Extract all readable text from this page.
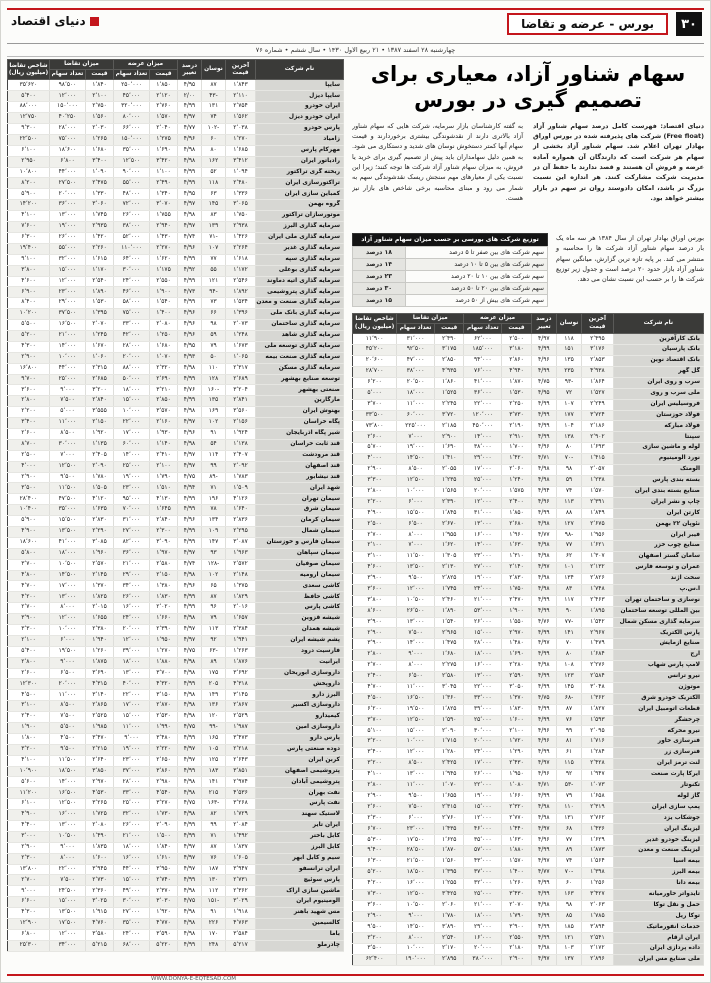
۳۰
بورس - عرضه و تقاضا
دنیای اقتصاد
چهارشنبه ۲۸ اسفند ۱۳۸۷ • ۲۱ ربیع الاول ۱۴۳۰ • سال ششم • شماره ۷۶
سهام شناور آزاد، معیاری برای
تصمیم گیری در بورس

دنیای اقتصاد: فهرست کامل درصد سهام شناور آزاد (Free float) شرکت های پذیرفته شده در بورس اوراق بهادار تهران اعلام شد. سهام شناور آزاد بخشی از سهام هر شرکت است که دارندگان آن همواره آماده عرضه و فروش آن هستند و قصد ندارند با حفظ آن در مدیریت شرکت مشارکت کنند. هر اندازه این نسبت بزرگ تر باشد، امکان دادوستد روان تر سهم در بازار بیشتر خواهد بود.

به گفته کارشناسان بازار سرمایه، شرکت هایی که سهام شناور آزاد بالاتری دارند از نقدشوندگی بیشتری برخوردارند و قیمت سهام آنها کمتر دستخوش نوسان های شدید و دستکاری می شود. به همین دلیل سهامداران باید پیش از تصمیم گیری برای خرید یا فروش، به میزان سهام شناور آزاد شرکت ها توجه کنند؛ زیرا این نسبت یکی از معیارهای مهم سنجش ریسک نقدشوندگی سهم به شمار می رود و مبنای محاسبه برخی شاخص های بازار نیز هست.

بورس اوراق بهادار تهران از سال ۱۳۸۴ هر سه ماه یک بار درصد سهام شناور آزاد شرکت ها را محاسبه و منتشر می کند. بر پایه تازه ترین گزارش، میانگین سهام شناور آزاد بازار حدود ۲۰ درصد است و جدول زیر توزیع شرکت ها را بر حسب این نسبت نشان می دهد.

توزیع شرکت های بورسی بر حسب میزان سهام شناور آزاد	
سهم شرکت های بین صفر تا ۵ درصد	۱۸ درصد
سهم شرکت های بین ۵ تا ۱۰ درصد	۱۴ درصد
سهم شرکت های بین ۱۰ تا ۲۰ درصد	۲۳ درصد
سهم شرکت های بین ۲۰ تا ۵۰ درصد	۳۰ درصد
سهم شرکت های بیش از ۵۰ درصد	۱۵ درصد
نام شرکت	آخرین قیمت	نوسان	درصد تغییر	میزان عرضه		میزان تقاضا		شاخص تقاضا (میلیون ریال)
				قیمت	تعداد سهام	قیمت	تعداد سهام	
بانک کارآفرین	۲٬۴۹۵	۱۱۸	۴/۹۷	۲٬۵۰۰	۶۲٬۰۰۰	۲٬۴۹۰	۳۱٬۰۰۰	۱۱٬۹۰۰
بانک پارسیان	۳٬۱۷۶	۱۵۱	۴/۹۹	۳٬۱۸۰	۱۸۵٬۰۰۰	۳٬۱۷۵	۹۲٬۵۰۰	۴۵٬۲۰۰
بانک اقتصاد نوین	۲٬۸۵۳	۱۳۵	۴/۹۶	۲٬۸۶۰	۹۴٬۰۰۰	۲٬۸۵۰	۴۷٬۰۰۰	۲۰٬۶۰۰
گل گهر	۴٬۹۳۸	۲۳۵	۴/۹۹	۴٬۹۴۰	۷۶٬۰۰۰	۴٬۹۳۵	۳۸٬۰۰۰	۲۸٬۷۰۰
سرب و روی ایران	۱٬۸۶۴	-۹۳	۴/۷۵	۱٬۸۷۰	۴۱٬۰۰۰	۱٬۸۶۰	۲۰٬۵۰۰	۶٬۲۰۰
ملی سرب و روی	۱٬۵۲۷	۷۲	۴/۹۵	۱٬۵۳۰	۳۶٬۰۰۰	۱٬۵۲۵	۱۸٬۰۰۰	۵٬۰۰۰
فروسیلیس ایران	۲٬۲۴۹	۱۰۷	۴/۹۹	۲٬۲۵۰	۲۲٬۰۰۰	۲٬۲۴۵	۱۱٬۰۰۰	۳٬۷۰۰
فولاد خوزستان	۳٬۷۲۴	۱۷۷	۴/۹۹	۳٬۷۳۰	۱۲۰٬۰۰۰	۳٬۷۲۰	۶۰٬۰۰۰	۳۳٬۵۰۰
فولاد مبارکه	۲٬۱۸۶	۱۰۴	۴/۹۹	۲٬۱۹۰	۴۵۰٬۰۰۰	۲٬۱۸۵	۲۲۵٬۰۰۰	۷۳٬۸۰۰
سپنتا	۲٬۹۰۲	۱۳۸	۴/۹۹	۲٬۹۱۰	۱۴٬۰۰۰	۲٬۹۰۰	۷٬۰۰۰	۲٬۶۰۰
لوله و ماشین سازی	۱٬۶۹۳	۸۰	۴/۹۶	۱٬۷۰۰	۳۸٬۰۰۰	۱٬۶۹۰	۱۹٬۰۰۰	۵٬۷۰۰
نورد آلومینیوم	۱٬۴۱۵	-۷۰	۴/۷۱	۱٬۴۲۰	۲۹٬۰۰۰	۱٬۴۱۰	۱۴٬۵۰۰	۴٬۰۰۰
آلومتک	۲٬۰۵۷	۹۸	۴/۹۸	۲٬۰۶۰	۱۷٬۰۰۰	۲٬۰۵۵	۸٬۵۰۰	۲٬۹۰۰
بسته بندی پارس	۱٬۲۳۸	۵۹	۴/۹۸	۱٬۲۴۰	۲۵٬۰۰۰	۱٬۲۳۵	۱۲٬۵۰۰	۳٬۳۰۰
صنایع بسته بندی ایران	۱٬۵۷۰	۷۴	۴/۹۴	۱٬۵۷۵	۲۰٬۰۰۰	۱٬۵۶۵	۱۰٬۰۰۰	۲٬۸۰۰
چاپ و نشر ایران	۲٬۳۹۱	۱۱۳	۴/۹۶	۲٬۴۰۰	۱۲٬۰۰۰	۲٬۳۹۰	۶٬۰۰۰	۲٬۲۰۰
کارتن ایران	۱٬۸۴۹	۸۸	۴/۹۹	۱٬۸۵۰	۳۱٬۰۰۰	۱٬۸۴۵	۱۵٬۵۰۰	۴٬۹۰۰
نئوپان ۲۲ بهمن	۲٬۶۷۵	۱۲۷	۴/۹۸	۲٬۶۸۰	۱۳٬۰۰۰	۲٬۶۷۰	۶٬۵۰۰	۲٬۵۰۰
فیبر ایران	۱٬۹۵۶	-۹۸	۴/۷۷	۱٬۹۶۰	۱۶٬۰۰۰	۱٬۹۵۵	۸٬۰۰۰	۲٬۷۰۰
صنایع چوب خزر	۱٬۶۲۱	۷۷	۴/۹۸	۱٬۶۳۰	۱۴٬۰۰۰	۱٬۶۲۰	۷٬۰۰۰	۲٬۱۰۰
سامان گستر اصفهان	۱٬۳۰۷	۶۲	۴/۹۸	۱٬۳۱۰	۲۳٬۰۰۰	۱٬۳۰۵	۱۱٬۵۰۰	۳٬۱۰۰
عمران و توسعه فارس	۲٬۱۳۲	۱۰۱	۴/۹۷	۲٬۱۴۰	۲۷٬۰۰۰	۲٬۱۳۰	۱۳٬۵۰۰	۴٬۶۰۰
سخت آژند	۲٬۸۲۶	۱۳۴	۴/۹۸	۲٬۸۳۰	۱۹٬۰۰۰	۲٬۸۲۵	۹٬۵۰۰	۳٬۹۰۰
آ.س.پ	۱٬۷۴۸	۸۳	۴/۹۸	۱٬۷۵۰	۲۴٬۰۰۰	۱٬۷۴۵	۱۲٬۰۰۰	۳٬۶۰۰
نوسازی و ساختمان تهران	۲٬۴۶۳	۱۱۷	۴/۹۹	۲٬۴۷۰	۲۱٬۰۰۰	۲٬۴۶۰	۱۰٬۵۰۰	۳٬۸۰۰
بین المللی توسعه ساختمان	۱٬۸۹۵	۹۰	۴/۹۹	۱٬۹۰۰	۵۳٬۰۰۰	۱٬۸۹۰	۲۶٬۵۰۰	۸٬۶۰۰
سرمایه گذاری مسکن شمال	۱٬۵۴۲	-۷۷	۴/۷۶	۱٬۵۵۰	۲۶٬۰۰۰	۱٬۵۴۰	۱۳٬۰۰۰	۳٬۹۰۰
پارس الکتریک	۲٬۹۶۷	۱۴۱	۴/۹۹	۲٬۹۷۰	۱۵٬۰۰۰	۲٬۹۶۵	۷٬۵۰۰	۲٬۹۰۰
صنایع آزمایش	۱٬۴۷۹	۷۰	۴/۹۷	۱٬۴۸۰	۲۸٬۰۰۰	۱٬۴۷۵	۱۴٬۰۰۰	۳٬۹۰۰
ارج	۱٬۶۸۴	۸۰	۴/۹۹	۱٬۶۹۰	۱۸٬۰۰۰	۱٬۶۸۰	۹٬۰۰۰	۲٬۸۰۰
لامپ پارس شهاب	۲٬۲۷۶	۱۰۸	۴/۹۸	۲٬۲۸۰	۱۶٬۰۰۰	۲٬۲۷۵	۸٬۰۰۰	۲٬۷۰۰
نیرو ترانس	۲٬۵۸۴	۱۲۳	۴/۹۹	۲٬۵۹۰	۱۳٬۰۰۰	۲٬۵۸۰	۶٬۵۰۰	۲٬۴۰۰
موتوژن	۳٬۰۴۸	۱۴۵	۴/۹۹	۳٬۰۵۰	۲۲٬۰۰۰	۳٬۰۴۵	۱۱٬۰۰۰	۴٬۷۰۰
الکتریک خودرو شرق	۱٬۳۶۲	-۶۸	۴/۷۵	۱٬۳۷۰	۳۳٬۰۰۰	۱٬۳۶۰	۱۶٬۵۰۰	۴٬۵۰۰
قطعات اتومبیل ایران	۱٬۸۲۷	۸۷	۴/۹۹	۱٬۸۳۰	۳۹٬۰۰۰	۱٬۸۲۵	۱۹٬۵۰۰	۶٬۲۰۰
چرخشگر	۱٬۵۹۳	۷۶	۴/۹۹	۱٬۶۰۰	۲۵٬۰۰۰	۱٬۵۹۰	۱۲٬۵۰۰	۳٬۷۰۰
نیرو محرکه	۲٬۰۹۵	۹۹	۴/۹۶	۲٬۱۰۰	۳۰٬۰۰۰	۲٬۰۹۰	۱۵٬۰۰۰	۵٬۱۰۰
فنرسازی خاور	۱٬۷۱۶	۸۱	۴/۹۶	۱٬۷۲۰	۲۰٬۰۰۰	۱٬۷۱۵	۱۰٬۰۰۰	۳٬۲۰۰
فنرسازی زر	۱٬۲۸۴	۶۱	۴/۹۹	۱٬۲۹۰	۲۴٬۰۰۰	۱٬۲۸۰	۱۲٬۰۰۰	۳٬۴۰۰
لنت ترمز ایران	۲٬۴۲۸	۱۱۵	۴/۹۷	۲٬۴۳۰	۱۷٬۰۰۰	۲٬۴۲۵	۸٬۵۰۰	۳٬۲۰۰
ایرکا پارت صنعت	۱٬۹۴۷	۹۲	۴/۹۶	۱٬۹۵۰	۲۶٬۰۰۰	۱٬۹۴۵	۱۳٬۰۰۰	۴٬۱۰۰
تکنوتار	۱٬۰۷۳	-۵۳	۴/۷۱	۱٬۰۸۰	۲۲٬۰۰۰	۱٬۰۷۰	۱۱٬۰۰۰	۲٬۸۰۰
گاز لوله	۱٬۶۵۸	۷۹	۴/۹۹	۱٬۶۶۰	۱۹٬۰۰۰	۱٬۶۵۵	۹٬۵۰۰	۲٬۹۰۰
پمپ سازی ایران	۲٬۳۱۹	۱۱۰	۴/۹۸	۲٬۳۲۰	۱۵٬۰۰۰	۲٬۳۱۵	۷٬۵۰۰	۲٬۶۰۰
جوشکاب یزد	۲٬۷۶۲	۱۳۱	۴/۹۸	۲٬۷۷۰	۱۲٬۰۰۰	۲٬۷۶۰	۶٬۰۰۰	۲٬۳۰۰
لیزینگ ایران	۱٬۴۳۶	۶۸	۴/۹۷	۱٬۴۴۰	۴۶٬۰۰۰	۱٬۴۳۵	۲۳٬۰۰۰	۶٬۷۰۰
لیزینگ خودرو غدیر	۱٬۶۲۹	۷۷	۴/۹۶	۱٬۶۳۰	۳۵٬۰۰۰	۱٬۶۲۵	۱۷٬۵۰۰	۵٬۳۰۰
لیزینگ صنعت و معدن	۱٬۸۷۳	۸۹	۴/۹۹	۱٬۸۸۰	۵۷٬۰۰۰	۱٬۸۷۰	۲۸٬۵۰۰	۹٬۴۰۰
بیمه آسیا	۱٬۵۶۴	۷۴	۴/۹۷	۱٬۵۷۰	۴۳٬۰۰۰	۱٬۵۶۰	۲۱٬۵۰۰	۶٬۳۰۰
بیمه البرز	۱٬۳۹۸	-۷۰	۴/۷۷	۱٬۴۰۰	۳۷٬۰۰۰	۱٬۳۹۵	۱۸٬۵۰۰	۵٬۲۰۰
بیمه دانا	۱٬۲۵۶	۶۰	۴/۹۹	۱٬۲۶۰	۳۲٬۰۰۰	۱٬۲۵۵	۱۶٬۰۰۰	۴٬۲۰۰
تایدواتر خاورمیانه	۳٬۴۲۷	۱۶۳	۴/۹۹	۳٬۴۳۰	۲۵٬۰۰۰	۳٬۴۲۵	۱۲٬۵۰۰	۷٬۳۰۰
حمل و نقل توکا	۲٬۰۶۳	۹۸	۴/۹۸	۲٬۰۷۰	۲۱٬۰۰۰	۲٬۰۶۰	۱۰٬۵۰۰	۳٬۶۰۰
توکا ریل	۱٬۷۸۵	۸۵	۴/۹۹	۱٬۷۹۰	۱۸٬۰۰۰	۱٬۷۸۰	۹٬۰۰۰	۲٬۹۰۰
خدمات انفورماتیک	۳٬۸۹۴	۱۸۵	۴/۹۹	۳٬۹۰۰	۲۹٬۰۰۰	۳٬۸۹۰	۱۴٬۵۰۰	۹٬۵۰۰
ایران ارقام	۲٬۵۴۱	۱۲۱	۴/۹۹	۲٬۵۵۰	۱۶٬۰۰۰	۲٬۵۴۰	۸٬۰۰۰	۳٬۲۰۰
داده پردازی ایران	۲٬۱۷۲	۱۰۳	۴/۹۸	۲٬۱۸۰	۲۰٬۰۰۰	۲٬۱۷۰	۱۰٬۰۰۰	۳٬۵۰۰
ملی صنایع مس ایران	۲٬۸۹۶	۱۳۷	۴/۹۷	۲٬۹۰۰	۳۸۰٬۰۰۰	۲٬۸۹۵	۱۹۰٬۰۰۰	۶۲٬۴۰۰
نام شرکت	آخرین قیمت	نوسان	درصد تغییر	میزان عرضه		میزان تقاضا		شاخص تقاضا (میلیون ریال)
				قیمت	تعداد سهام	قیمت	تعداد سهام	
سایپا	۱٬۸۴۳	۸۷	۴/۹۵	۱٬۸۵۰	۲۵۰٬۰۰۰	۱٬۸۴۰	۹۸٬۵۰۰	۳۵٬۶۲۰
سایپا دیزل	۲٬۱۱۰	-۴۳	۲/۰۰	۲٬۱۲۰	۴۵٬۰۰۰	۲٬۱۰۰	۱۲٬۰۰۰	۵٬۴۰۰
ایران خودرو	۲٬۷۵۴	۱۳۱	۴/۹۹	۲٬۷۶۰	۳۲۰٬۰۰۰	۲٬۷۵۰	۱۵۰٬۰۰۰	۸۸٬۰۰۰
ایران خودرو دیزل	۱٬۵۶۲	۷۴	۴/۹۷	۱٬۵۷۰	۸۰٬۰۰۰	۱٬۵۶۰	۴۰٬۲۵۰	۱۲٬۷۵۰
پارس خودرو	۲٬۰۳۸	-۱۰۲	۴/۷۷	۲٬۰۴۰	۶۶٬۰۰۰	۲٬۰۳۰	۲۸٬۰۰۰	۹٬۳۰۰
زامیاد	۱٬۲۷۰	۶۰	۴/۹۶	۱٬۲۷۵	۱۵۰٬۰۰۰	۱٬۲۶۵	۷۵٬۰۰۰	۲۲٬۵۰۰
مهرکام پارس	۱٬۶۸۵	۸۰	۴/۹۸	۱٬۶۹۰	۳۵٬۰۰۰	۱٬۶۸۰	۱۸٬۶۰۰	۶٬۱۰۰
رادیاتور ایران	۳٬۴۱۲	۱۶۲	۴/۹۸	۳٬۴۲۰	۱۲٬۵۰۰	۳٬۴۰۰	۶٬۸۰۰	۲٬۹۵۰
ریخته گری تراکتور	۱٬۰۹۴	۵۲	۴/۹۹	۱٬۱۰۰	۹۰٬۰۰۰	۱٬۰۹۰	۴۴٬۰۰۰	۱۰٬۸۰۰
تراکتورسازی ایران	۲٬۴۸۰	۱۱۸	۴/۹۹	۲٬۴۹۰	۵۵٬۰۰۰	۲٬۴۷۵	۲۷٬۵۰۰	۸٬۲۰۰
کمباین سازی ایران	۱٬۳۳۶	۶۳	۴/۹۵	۱٬۳۴۰	۴۸٬۰۰۰	۱٬۳۳۰	۲۰٬۰۰۰	۵٬۹۰۰
گروه بهمن	۳٬۰۶۵	۱۴۵	۴/۹۷	۳٬۰۷۰	۷۲٬۰۰۰	۳٬۰۶۰	۳۶٬۰۰۰	۱۴٬۲۰۰
موتورسازان تراکتور	۱٬۷۵۰	۸۳	۴/۹۸	۱٬۷۵۵	۲۶٬۰۰۰	۱٬۷۴۵	۱۳٬۰۰۰	۴٬۱۰۰
سرمایه گذاری البرز	۲٬۹۳۸	۱۳۹	۴/۹۷	۲٬۹۴۰	۳۸٬۰۰۰	۲٬۹۳۵	۱۹٬۰۰۰	۷٬۶۰۰
سرمایه گذاری ملی ایران	۱٬۴۲۶	-۷۱	۴/۷۴	۱٬۴۳۰	۵۲٬۰۰۰	۱٬۴۲۰	۲۶٬۰۰۰	۶٬۳۰۰
سرمایه گذاری غدیر	۲٬۲۶۴	۱۰۷	۴/۹۶	۲٬۲۷۰	۱۱۰٬۰۰۰	۲٬۲۶۰	۵۵٬۰۰۰	۱۹٬۴۰۰
سرمایه گذاری سپه	۱٬۶۱۸	۷۷	۴/۹۹	۱٬۶۲۰	۶۴٬۰۰۰	۱٬۶۱۵	۳۲٬۰۰۰	۹٬۱۰۰
سرمایه گذاری بوعلی	۱٬۱۷۲	۵۵	۴/۹۲	۱٬۱۷۵	۳۰٬۰۰۰	۱٬۱۷۰	۱۵٬۰۰۰	۳٬۸۰۰
سرمایه گذاری آتیه دماوند	۲٬۵۴۶	۱۲۱	۴/۹۹	۲٬۵۵۰	۲۴٬۰۰۰	۲٬۵۴۰	۱۲٬۰۰۰	۴٬۶۰۰
سرمایه گذاری پتروشیمی	۱٬۸۹۲	-۹۴	۴/۷۳	۱٬۹۰۰	۴۶٬۰۰۰	۱٬۸۹۰	۲۳٬۰۰۰	۶٬۹۰۰
سرمایه گذاری صنعت و معدن	۱٬۵۳۴	۷۳	۴/۹۹	۱٬۵۴۰	۵۸٬۰۰۰	۱٬۵۳۰	۲۹٬۰۰۰	۸٬۴۰۰
سرمایه گذاری بانک ملی	۱٬۳۹۶	۶۶	۴/۹۶	۱٬۴۰۰	۷۵٬۰۰۰	۱٬۳۹۵	۳۷٬۵۰۰	۱۰٬۲۰۰
سرمایه گذاری ساختمان	۲٬۰۷۳	۹۸	۴/۹۶	۲٬۰۸۰	۳۳٬۰۰۰	۲٬۰۷۰	۱۶٬۵۰۰	۵٬۵۰۰
سرمایه گذاری شاهد	۱٬۲۴۸	۵۹	۴/۹۶	۱٬۲۵۰	۴۲٬۰۰۰	۱٬۲۴۵	۲۱٬۰۰۰	۵٬۲۰۰
سرمایه گذاری توسعه ملی	۱٬۶۷۳	۷۹	۴/۹۵	۱٬۶۸۰	۲۸٬۰۰۰	۱٬۶۷۰	۱۴٬۰۰۰	۴٬۳۰۰
سرمایه گذاری صنعت بیمه	۱٬۰۶۵	۵۰	۴/۹۳	۱٬۰۷۰	۲۰٬۰۰۰	۱٬۰۶۰	۱۰٬۰۰۰	۲٬۹۰۰
سرمایه گذاری مسکن	۲٬۳۱۷	۱۱۰	۴/۹۸	۲٬۳۲۰	۸۸٬۰۰۰	۲٬۳۱۵	۴۴٬۰۰۰	۱۶٬۸۰۰
توسعه صنایع بهشهر	۲٬۶۸۹	۱۲۸	۴/۹۹	۲٬۶۹۰	۵۰٬۰۰۰	۲٬۶۸۵	۲۵٬۰۰۰	۹٬۷۰۰
صنعتی بهشهر	۳٬۲۰۴	-۱۶۰	۴/۷۶	۳٬۲۱۰	۱۸٬۰۰۰	۳٬۲۰۰	۹٬۰۰۰	۳٬۶۰۰
مارگارین	۲٬۸۴۱	۱۳۵	۴/۹۹	۲٬۸۵۰	۱۵٬۰۰۰	۲٬۸۴۰	۷٬۵۰۰	۲٬۸۰۰
بهنوش ایران	۳٬۵۶۰	۱۶۹	۴/۹۸	۳٬۵۷۰	۱۰٬۰۰۰	۳٬۵۵۵	۵٬۰۰۰	۲٬۲۰۰
پگاه خراسان	۲٬۱۵۶	۱۰۲	۴/۹۷	۲٬۱۶۰	۲۲٬۰۰۰	۲٬۱۵۰	۱۱٬۰۰۰	۳٬۴۰۰
شیر پگاه آذربایجان	۱٬۹۲۴	۹۱	۴/۹۶	۱٬۹۳۰	۱۷٬۰۰۰	۱٬۹۲۰	۸٬۵۰۰	۲٬۶۰۰
قند ثابت خراسان	۱٬۱۳۸	۵۴	۴/۹۸	۱٬۱۴۰	۶۰٬۰۰۰	۱٬۱۳۵	۳۰٬۰۰۰	۸٬۷۰۰
قند مرودشت	۲٬۴۰۷	۱۱۴	۴/۹۷	۲٬۴۱۰	۱۴٬۰۰۰	۲٬۴۰۵	۷٬۰۰۰	۲٬۵۰۰
قند اصفهان	۲٬۰۹۲	۹۹	۴/۹۷	۲٬۱۰۰	۲۵٬۰۰۰	۲٬۰۹۰	۱۲٬۵۰۰	۴٬۰۰۰
قند نیشابور	۱٬۷۸۳	-۸۹	۴/۷۵	۱٬۷۹۰	۱۹٬۰۰۰	۱٬۷۸۰	۹٬۵۰۰	۲٬۹۰۰
شهد ایران	۱٬۵۰۹	۷۱	۴/۹۴	۱٬۵۱۰	۲۳٬۰۰۰	۱٬۵۰۵	۱۱٬۵۰۰	۳٬۵۰۰
سیمان تهران	۴٬۱۲۶	۱۹۶	۴/۹۹	۴٬۱۳۰	۹۵٬۰۰۰	۴٬۱۲۰	۴۷٬۵۰۰	۲۸٬۴۰۰
سیمان شرق	۱٬۶۴۰	۷۸	۴/۹۹	۱٬۶۴۵	۷۰٬۰۰۰	۱٬۶۳۵	۳۵٬۰۰۰	۱۰٬۴۰۰
سیمان کرمان	۲٬۸۳۶	۱۳۴	۴/۹۶	۲٬۸۴۰	۳۱٬۰۰۰	۲٬۸۳۰	۱۵٬۵۰۰	۵٬۹۰۰
سیمان شمال	۲٬۲۹۵	۱۰۹	۴/۹۹	۲٬۳۰۰	۲۷٬۰۰۰	۲٬۲۹۰	۱۳٬۵۰۰	۴٬۹۰۰
سیمان فارس و خوزستان	۳٬۰۸۷	۱۴۷	۴/۹۹	۳٬۰۹۰	۸۲٬۰۰۰	۳٬۰۸۵	۴۱٬۰۰۰	۱۸٬۶۰۰
سیمان سپاهان	۱٬۹۶۳	۹۳	۴/۹۷	۱٬۹۷۰	۳۶٬۰۰۰	۱٬۹۶۰	۱۸٬۰۰۰	۵٬۸۰۰
سیمان صوفیان	۲٬۵۷۲	-۱۲۸	۴/۷۴	۲٬۵۸۰	۲۱٬۰۰۰	۲٬۵۷۰	۱۰٬۵۰۰	۳٬۷۰۰
سیمان ارومیه	۲٬۱۴۸	۱۰۲	۴/۹۸	۲٬۱۵۰	۲۹٬۰۰۰	۲٬۱۴۵	۱۴٬۵۰۰	۴٬۸۰۰
کاشی سعدی	۱٬۳۷۵	۶۵	۴/۹۶	۱٬۳۸۰	۳۴٬۰۰۰	۱٬۳۷۰	۱۷٬۰۰۰	۴٬۷۰۰
کاشی حافظ	۱٬۸۲۹	۸۷	۴/۹۹	۱٬۸۳۰	۲۶٬۰۰۰	۱٬۸۲۵	۱۳٬۰۰۰	۴٬۲۰۰
کاشی پارس	۲٬۰۱۶	۹۶	۴/۹۹	۲٬۰۲۰	۱۶٬۰۰۰	۲٬۰۱۵	۸٬۰۰۰	۲٬۷۰۰
شیشه قزوین	۱٬۶۵۷	۷۹	۴/۹۸	۱٬۶۶۰	۲۴٬۰۰۰	۱٬۶۵۵	۱۲٬۰۰۰	۳٬۹۰۰
شیشه همدان	۲٬۳۸۴	۱۱۳	۴/۹۷	۲٬۳۹۰	۲۰٬۰۰۰	۲٬۳۸۰	۱۰٬۰۰۰	۳٬۳۰۰
پشم شیشه ایران	۱٬۹۴۱	۹۲	۴/۹۷	۱٬۹۵۰	۱۲٬۰۰۰	۱٬۹۴۰	۶٬۰۰۰	۲٬۱۰۰
فارسیت درود	۱٬۲۶۳	-۶۳	۴/۷۵	۱٬۲۷۰	۳۹٬۰۰۰	۱٬۲۶۰	۱۹٬۵۰۰	۵٬۴۰۰
ایرانیت	۱٬۸۷۶	۸۹	۴/۹۸	۱٬۸۸۰	۱۸٬۰۰۰	۱٬۸۷۵	۹٬۰۰۰	۲٬۸۰۰
داروسازی ابوریحان	۳٬۶۹۲	۱۷۵	۴/۹۸	۳٬۷۰۰	۱۳٬۰۰۰	۳٬۶۹۰	۶٬۵۰۰	۲٬۶۰۰
داروپخش	۴٬۳۱۸	۲۰۵	۴/۹۹	۴٬۳۲۰	۴۰٬۰۰۰	۴٬۳۱۵	۲۰٬۰۰۰	۱۲٬۳۰۰
البرز دارو	۳٬۱۴۵	۱۴۹	۴/۹۸	۳٬۱۵۰	۲۲٬۰۰۰	۳٬۱۴۰	۱۱٬۰۰۰	۴٬۵۰۰
داروسازی اکسیر	۲٬۸۶۷	۱۳۶	۴/۹۸	۲٬۸۷۰	۱۷٬۰۰۰	۲٬۸۶۵	۸٬۵۰۰	۳٬۱۰۰
کیمیدارو	۲٬۵۲۹	۱۲۰	۴/۹۸	۲٬۵۳۰	۱۵٬۰۰۰	۲٬۵۲۵	۷٬۵۰۰	۲٬۴۰۰
داروسازی امین	۱٬۹۸۷	-۹۹	۴/۷۵	۱٬۹۹۰	۱۱٬۰۰۰	۱٬۹۸۵	۵٬۵۰۰	۱٬۹۰۰
پارس دارو	۳٬۴۷۳	۱۶۵	۴/۹۹	۳٬۴۸۰	۹٬۰۰۰	۳٬۴۷۰	۴٬۵۰۰	۱٬۸۰۰
دوده صنعتی پارس	۲٬۲۱۸	۱۰۵	۴/۹۷	۲٬۲۲۰	۱۹٬۰۰۰	۲٬۲۱۵	۹٬۵۰۰	۳٬۲۰۰
کربن ایران	۲٬۶۴۳	۱۲۵	۴/۹۷	۲٬۶۵۰	۲۳٬۰۰۰	۲٬۶۴۰	۱۱٬۵۰۰	۴٬۱۰۰
پتروشیمی اصفهان	۳٬۸۵۱	۱۸۳	۴/۹۹	۳٬۸۶۰	۳۷٬۰۰۰	۳٬۸۵۰	۱۸٬۵۰۰	۱۰٬۹۰۰
پتروشیمی آبادان	۲٬۹۷۴	۱۴۱	۴/۹۸	۲٬۹۸۰	۲۸٬۰۰۰	۲٬۹۷۰	۱۴٬۰۰۰	۵٬۶۰۰
نفت بهران	۴٬۵۳۶	۲۱۵	۴/۹۸	۴٬۵۴۰	۳۳٬۰۰۰	۴٬۵۳۰	۱۶٬۵۰۰	۱۱٬۲۰۰
نفت پارس	۳٬۲۶۸	-۱۶۳	۴/۷۵	۳٬۲۷۰	۲۵٬۰۰۰	۳٬۲۶۵	۱۲٬۵۰۰	۶٬۱۰۰
لاستیک سهند	۱٬۷۲۹	۸۲	۴/۹۸	۱٬۷۳۰	۳۲٬۰۰۰	۱٬۷۲۵	۱۶٬۰۰۰	۴٬۹۰۰
ایران تایر	۲٬۰۸۴	۹۹	۴/۹۹	۲٬۰۹۰	۲۶٬۰۰۰	۲٬۰۸۰	۱۳٬۰۰۰	۴٬۴۰۰
کابل باختر	۱٬۴۹۲	۷۱	۴/۹۹	۱٬۵۰۰	۲۱٬۰۰۰	۱٬۴۹۰	۱۰٬۵۰۰	۳٬۰۰۰
کابل البرز	۱٬۸۳۷	۸۷	۴/۹۷	۱٬۸۴۰	۱۸٬۰۰۰	۱٬۸۳۵	۹٬۰۰۰	۲٬۹۰۰
سیم و کابل ابهر	۱٬۶۰۵	۷۶	۴/۹۷	۱٬۶۱۰	۱۶٬۰۰۰	۱٬۶۰۰	۸٬۰۰۰	۲٬۳۰۰
ایران ترانسفو	۳٬۹۴۷	۱۸۷	۴/۹۷	۳٬۹۵۰	۴۴٬۰۰۰	۳٬۹۴۵	۲۲٬۰۰۰	۱۳٬۸۰۰
پارس سوئیچ	۲٬۷۳۱	۱۳۰	۴/۹۹	۲٬۷۴۰	۱۵٬۰۰۰	۲٬۷۳۰	۷٬۵۰۰	۲٬۷۰۰
ماشین سازی اراک	۲٬۳۶۲	۱۱۲	۴/۹۸	۲٬۳۷۰	۴۹٬۰۰۰	۲٬۳۶۰	۲۴٬۵۰۰	۹٬۰۰۰
آلومینیوم ایران	۳٬۰۲۹	-۱۵۱	۴/۷۵	۳٬۰۳۰	۳۰٬۰۰۰	۳٬۰۲۵	۱۵٬۰۰۰	۶٬۶۰۰
مس شهید باهنر	۱٬۹۱۸	۹۱	۴/۹۸	۱٬۹۲۰	۲۷٬۰۰۰	۱٬۹۱۵	۱۳٬۵۰۰	۴٬۳۰۰
کالسیمین	۴٬۷۶۳	۲۲۶	۴/۹۸	۴٬۷۷۰	۳۵٬۰۰۰	۴٬۷۶۰	۱۷٬۵۰۰	۱۲٬۹۰۰
باما	۳٬۵۸۴	۱۷۰	۴/۹۸	۳٬۵۹۰	۲۴٬۰۰۰	۳٬۵۸۰	۱۲٬۰۰۰	۶٬۸۰۰
چادرملو	۵٬۲۱۷	۲۴۸	۴/۹۹	۵٬۲۲۰	۶۸٬۰۰۰	۵٬۲۱۵	۳۴٬۰۰۰	۲۵٬۳۰۰
WWW.DONYA-E-EQTESAD.COM
